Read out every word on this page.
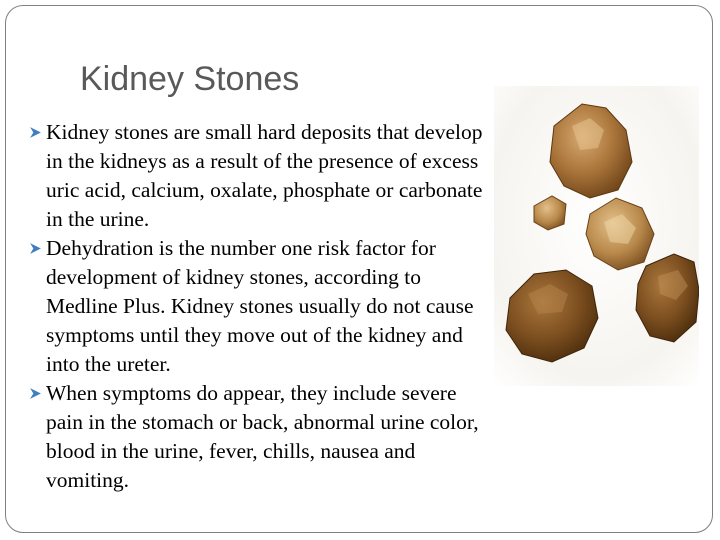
Kidney Stones
Kidney stones are small hard deposits that develop in the kidneys as a result of the presence of excess uric acid, calcium, oxalate, phosphate or carbonate in the urine.
Dehydration is the number one risk factor for development of kidney stones, according to Medline Plus. Kidney stones usually do not cause symptoms until they move out of the kidney and into the ureter.
When symptoms do appear, they include severe pain in the stomach or back, abnormal urine color, blood in the urine, fever, chills, nausea and vomiting.
